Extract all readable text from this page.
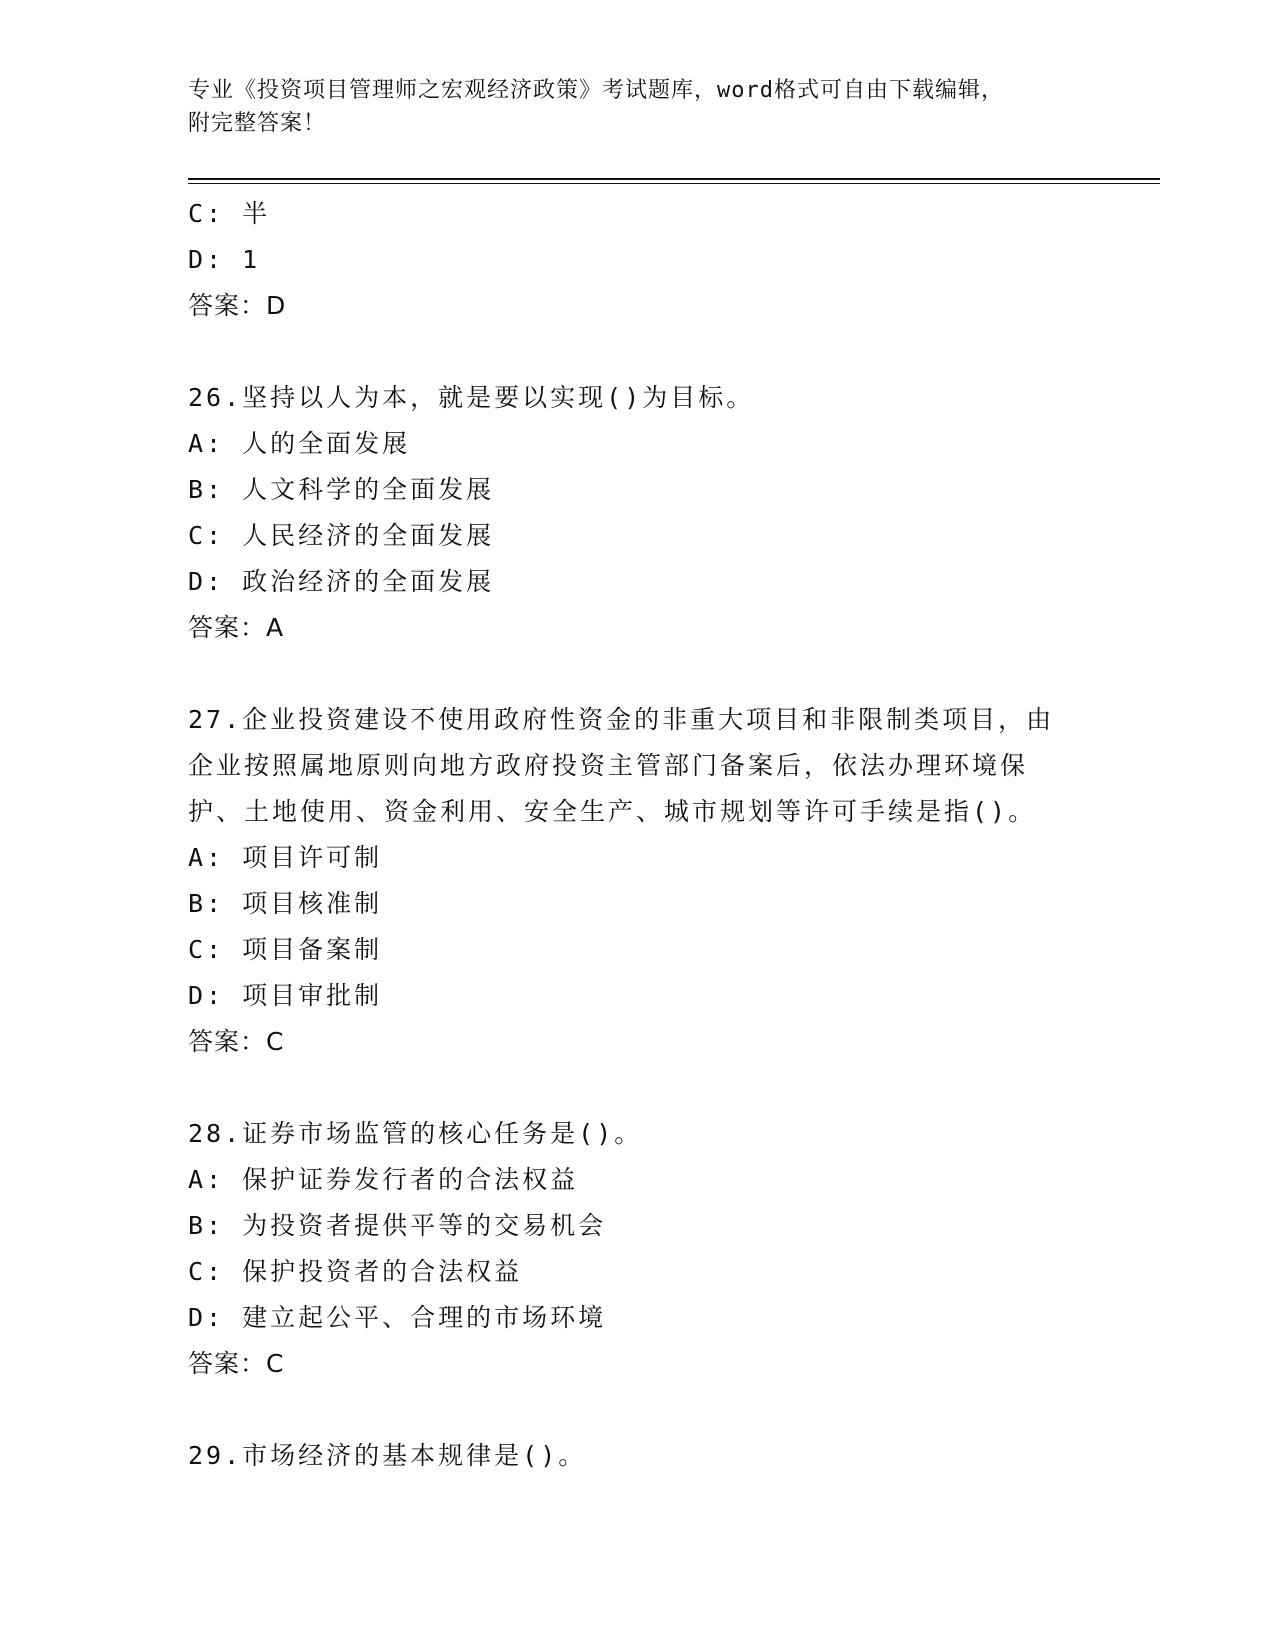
专业《投资项目管理师之宏观经济政策》考试题库，word格式可自由下载编辑，
附完整答案！
C: 半
D: 1
答案：D
26.坚持以人为本，就是要以实现()为目标。
A: 人的全面发展
B: 人文科学的全面发展
C: 人民经济的全面发展
D: 政治经济的全面发展
答案：A
27.企业投资建设不使用政府性资金的非重大项目和非限制类项目，由
企业按照属地原则向地方政府投资主管部门备案后，依法办理环境保
护、土地使用、资金利用、安全生产、城市规划等许可手续是指()。
A: 项目许可制
B: 项目核准制
C: 项目备案制
D: 项目审批制
答案：C
28.证券市场监管的核心任务是()。
A: 保护证券发行者的合法权益
B: 为投资者提供平等的交易机会
C: 保护投资者的合法权益
D: 建立起公平、合理的市场环境
答案：C
29.市场经济的基本规律是()。
